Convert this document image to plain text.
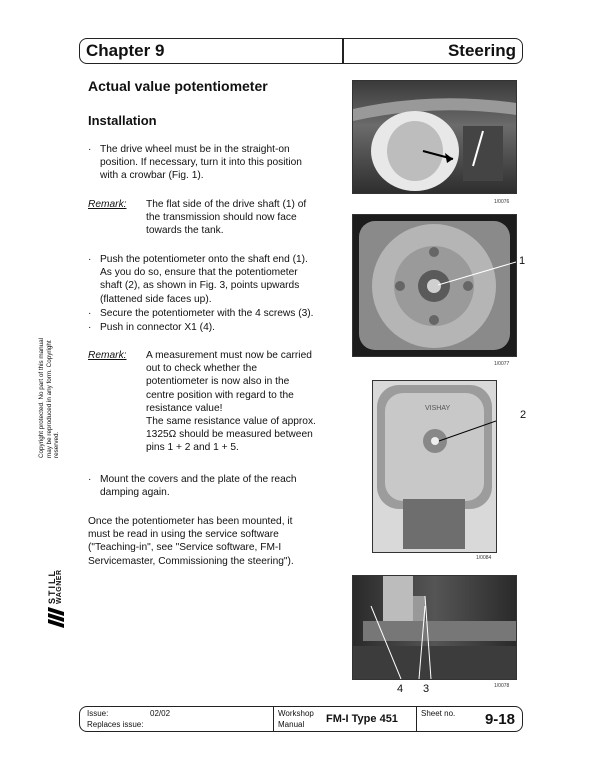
Chapter 9	Steering
Actual value potentiometer
Installation
· The drive wheel must be in the straight-on
position. If necessary, turn it into this position
with a crowbar (Fig. 1).
Remark: The flat side of the drive shaft (1) of
the transmission should now face
towards the tank.
· Push the potentiometer onto the shaft end (1).
As you do so, ensure that the potentiometer
shaft (2), as shown in Fig. 3, points upwards
(flattened side faces up).
· Secure the potentiometer with the 4 screws (3).
· Push in connector X1 (4).
Remark: A measurement must now be carried
out to check whether the
potentiometer is now also in the
centre position with regard to the
resistance value!
The same resistance value of approx.
1325Ω should be measured between
pins 1 + 2 and 1 + 5.
· Mount the covers and the plate of the reach
damping again.
Once the potentiometer has been mounted, it
must be read in using the service software
("Teaching-in", see "Service software, FM-I
Servicemaster, Commissioning the steering").
1/0076
1
1/0077
VISHAY
2
1/0084
4 3	1/0078
Copyright protected. No part of this manual may be reproduced in any form. Copyright reserved.
STILL WAGNER
Issue:	02/02
Replaces issue:
Workshop
Manual FM-I Type 451	Sheet no. 9-18
